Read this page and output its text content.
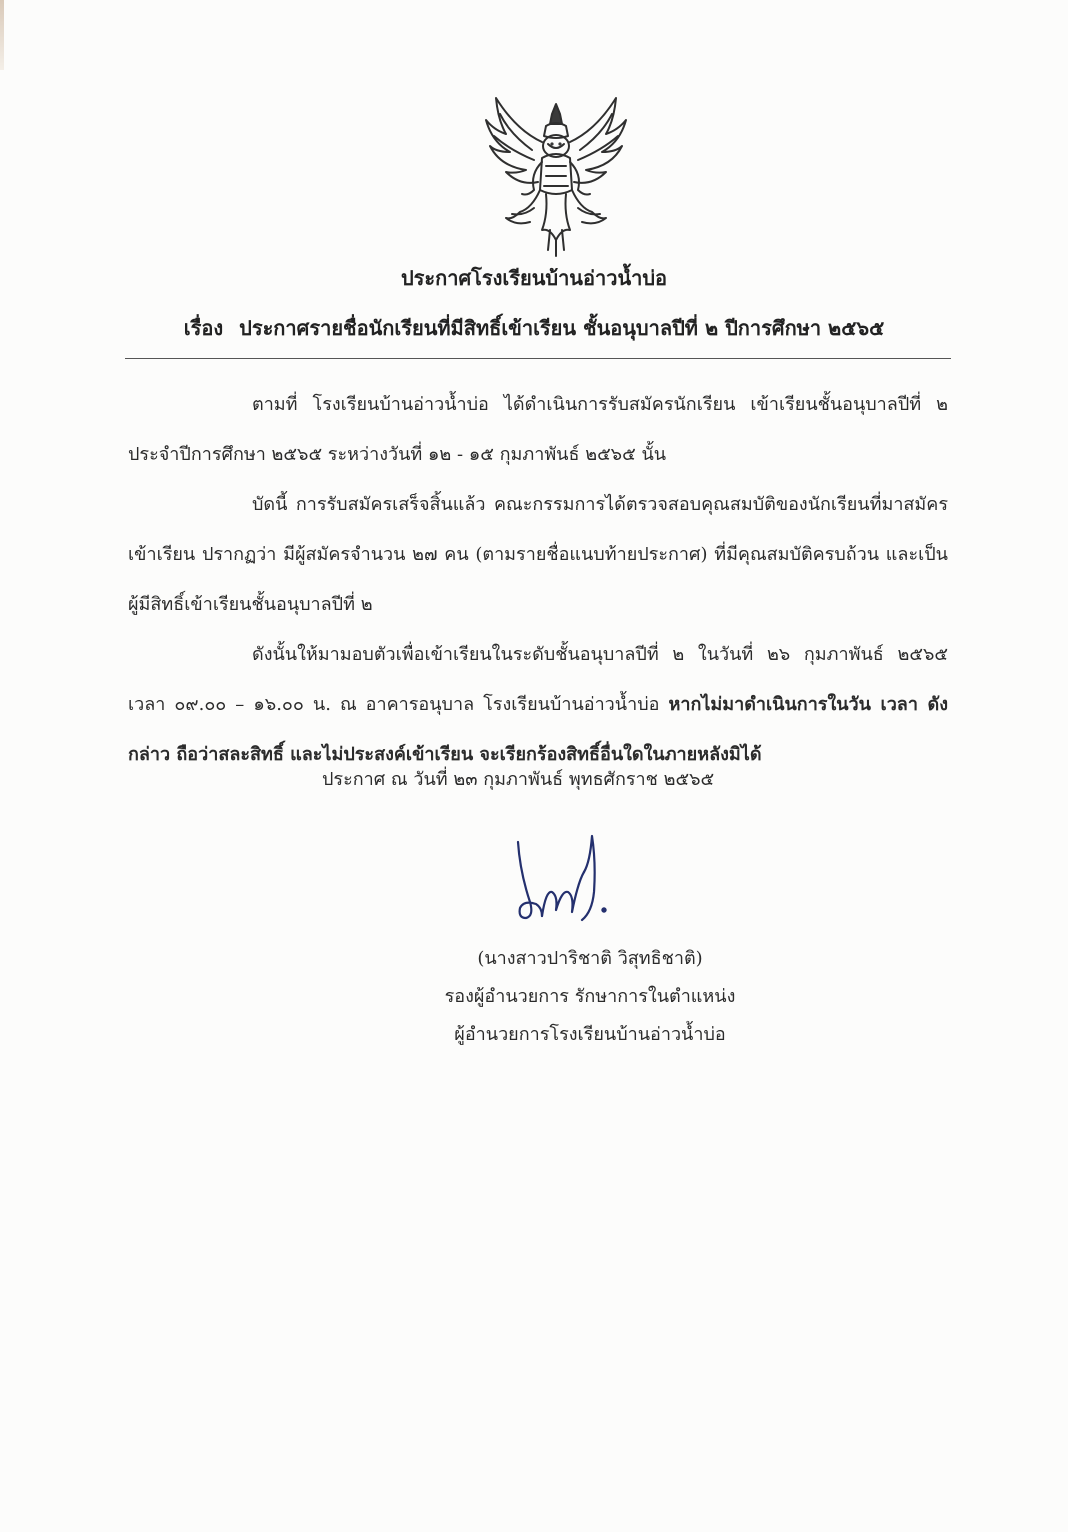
ประกาศโรงเรียนบ้านอ่าวน้ำบ่อ
เรื่อง ประกาศรายชื่อนักเรียนที่มีสิทธิ์เข้าเรียน ชั้นอนุบาลปีที่ ๒ ปีการศึกษา ๒๕๖๕

ตามที่ โรงเรียนบ้านอ่าวน้ำบ่อ ได้ดำเนินการรับสมัครนักเรียน เข้าเรียนชั้นอนุบาลปีที่ ๒ ประจำปีการศึกษา ๒๕๖๕ ระหว่างวันที่ ๑๒ - ๑๕ กุมภาพันธ์ ๒๕๖๕ นั้น

บัดนี้ การรับสมัครเสร็จสิ้นแล้ว คณะกรรมการได้ตรวจสอบคุณสมบัติของนักเรียนที่มาสมัคร เข้าเรียน ปรากฏว่า มีผู้สมัครจำนวน ๒๗ คน (ตามรายชื่อแนบท้ายประกาศ) ที่มีคุณสมบัติครบถ้วน และเป็นผู้มีสิทธิ์เข้าเรียนชั้นอนุบาลปีที่ ๒

ดังนั้นให้มามอบตัวเพื่อเข้าเรียนในระดับชั้นอนุบาลปีที่ ๒ ในวันที่ ๒๖ กุมภาพันธ์ ๒๕๖๕ เวลา ๐๙.๐๐ – ๑๖.๐๐ น. ณ อาคารอนุบาล โรงเรียนบ้านอ่าวน้ำบ่อ หากไม่มาดำเนินการในวัน เวลา ดังกล่าว ถือว่าสละสิทธิ์ และไม่ประสงค์เข้าเรียน จะเรียกร้องสิทธิ์อื่นใดในภายหลังมิได้

ประกาศ ณ วันที่ ๒๓ กุมภาพันธ์ พุทธศักราช ๒๕๖๕
(นางสาวปาริชาติ วิสุทธิชาติ)
รองผู้อำนวยการ รักษาการในตำแหน่ง
ผู้อำนวยการโรงเรียนบ้านอ่าวน้ำบ่อ
